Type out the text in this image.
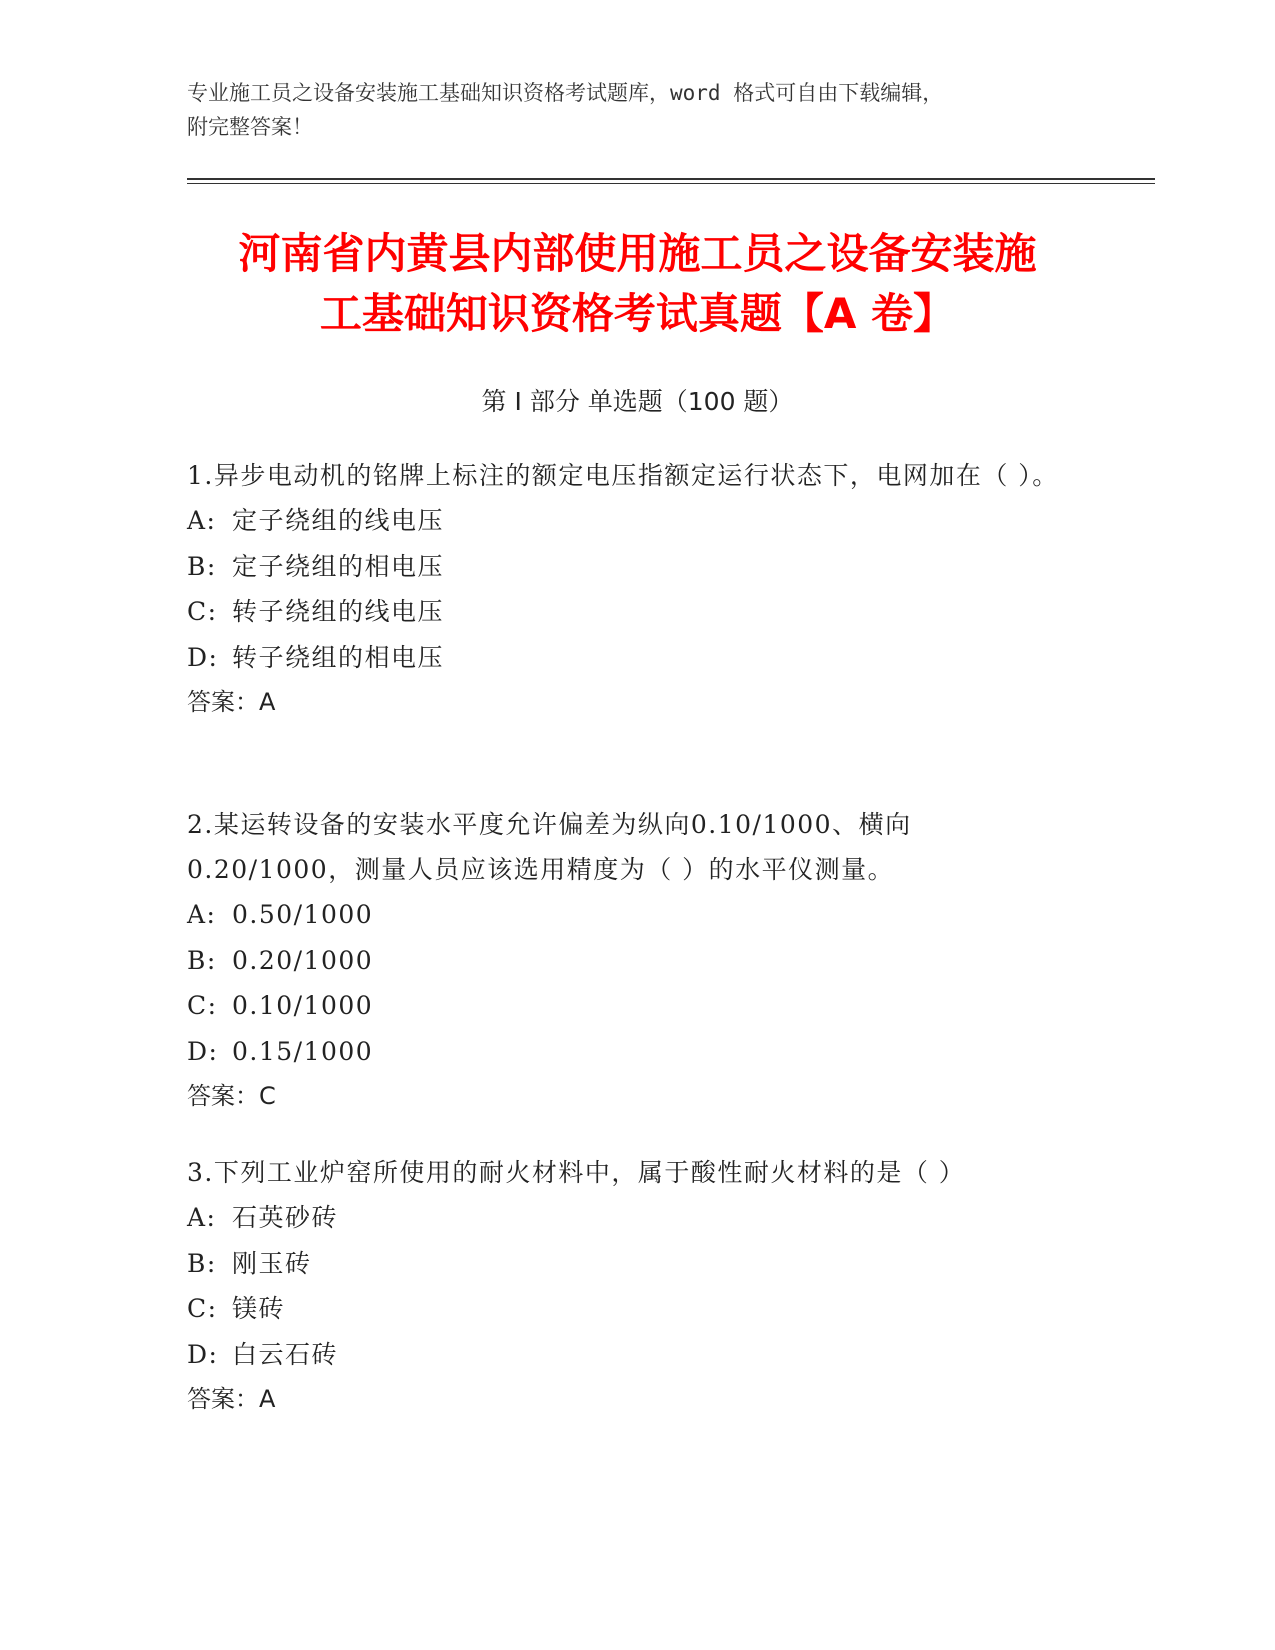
专业施工员之设备安装施工基础知识资格考试题库，word 格式可自由下载编辑，
附完整答案！
河南省内黄县内部使用施工员之设备安装施
工基础知识资格考试真题【A 卷】
第 I 部分 单选题（100 题）
1.异步电动机的铭牌上标注的额定电压指额定运行状态下，电网加在（ ）。
A: 定子绕组的线电压
B: 定子绕组的相电压
C: 转子绕组的线电压
D: 转子绕组的相电压
答案：A
2.某运转设备的安装水平度允许偏差为纵向0.10/1000、横向0.20/1000，测量人员应该选用精度为（ ）的水平仪测量。
A: 0.50/1000
B: 0.20/1000
C: 0.10/1000
D: 0.15/1000
答案：C
3.下列工业炉窑所使用的耐火材料中，属于酸性耐火材料的是（ ）
A: 石英砂砖
B: 刚玉砖
C: 镁砖
D: 白云石砖
答案：A
